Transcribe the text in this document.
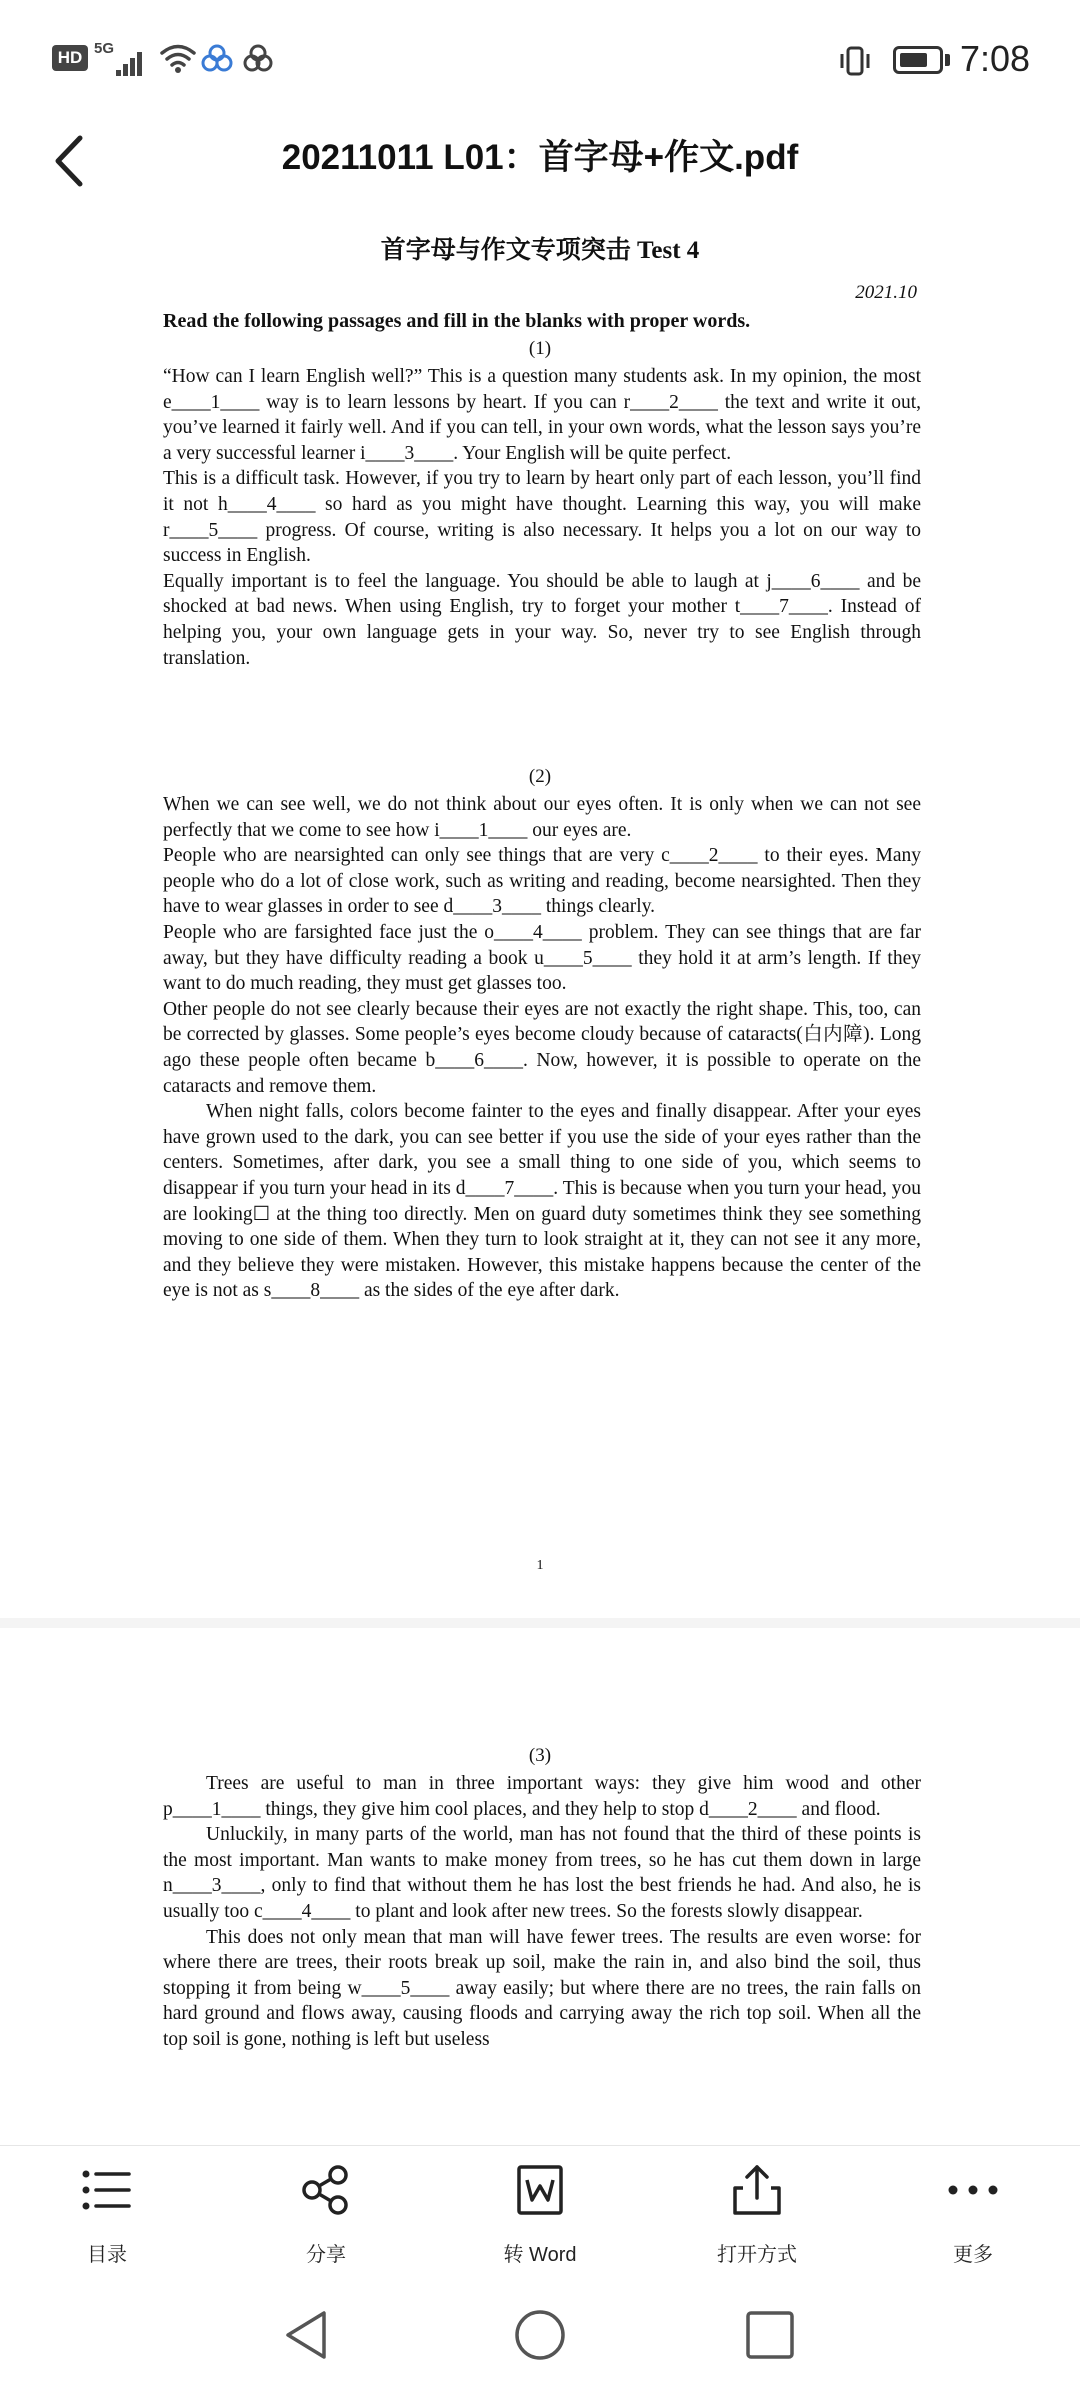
HD 5G	7:08
20211011 L01：首字母+作文.pdf
首字母与作文专项突击 Test 4
2021.10
Read the following passages and fill in the blanks with proper words.
(1)

“How can I learn English well?” This is a question many students ask. In my opinion, the most e____1____ way is to learn lessons by heart. If you can r____2____ the text and write it out, you’ve learned it fairly well. And if you can tell, in your own words, what the lesson says you’re a very successful learner i____3____. Your English will be quite perfect.

This is a difficult task. However, if you try to learn by heart only part of each lesson, you’ll find it not h____4____ so hard as you might have thought. Learning this way, you will make r____5____ progress. Of course, writing is also necessary. It helps you a lot on our way to success in English.

Equally important is to feel the language. You should be able to laugh at j____6____ and be shocked at bad news. When using English, try to forget your mother t____7____. Instead of helping you, your own language gets in your way. So, never try to see English through translation.

(2)

When we can see well, we do not think about our eyes often. It is only when we can not see perfectly that we come to see how i____1____ our eyes are.

People who are nearsighted can only see things that are very c____2____ to their eyes. Many people who do a lot of close work, such as writing and reading, become nearsighted. Then they have to wear glasses in order to see d____3____ things clearly.

People who are farsighted face just the o____4____ problem. They can see things that are far away, but they have difficulty reading a book u____5____ they hold it at arm’s length. If they want to do much reading, they must get glasses too.

Other people do not see clearly because their eyes are not exactly the right shape. This, too, can be corrected by glasses. Some people’s eyes become cloudy because of cataracts(白内障). Long ago these people often became b____6____. Now, however, it is possible to operate on the cataracts and remove them.

When night falls, colors become fainter to the eyes and finally disappear. After your eyes have grown used to the dark, you can see better if you use the side of your eyes rather than the centers. Sometimes, after dark, you see a small thing to one side of you, which seems to disappear if you turn your head in its d____7____. This is because when you turn your head, you are looking☐ at the thing too directly. Men on guard duty sometimes think they see something moving to one side of them. When they turn to look straight at it, they can not see it any more, and they believe they were mistaken. However, this mistake happens because the center of the eye is not as s____8____ as the sides of the eye after dark.

1
(3)

Trees are useful to man in three important ways: they give him wood and other p____1____ things, they give him cool places, and they help to stop d____2____ and flood.

Unluckily, in many parts of the world, man has not found that the third of these points is the most important. Man wants to make money from trees, so he has cut them down in large n____3____, only to find that without them he has lost the best friends he had. And also, he is usually too c____4____ to plant and look after new trees. So the forests slowly disappear.

This does not only mean that man will have fewer trees. The results are even worse: for where there are trees, their roots break up soil, make the rain in, and also bind the soil, thus stopping it from being w____5____ away easily; but where there are no trees, the rain falls on hard ground and flows away, causing floods and carrying away the rich top soil. When all the top soil is gone, nothing is left but useless

目录	分享	转 Word	打开方式	更多
